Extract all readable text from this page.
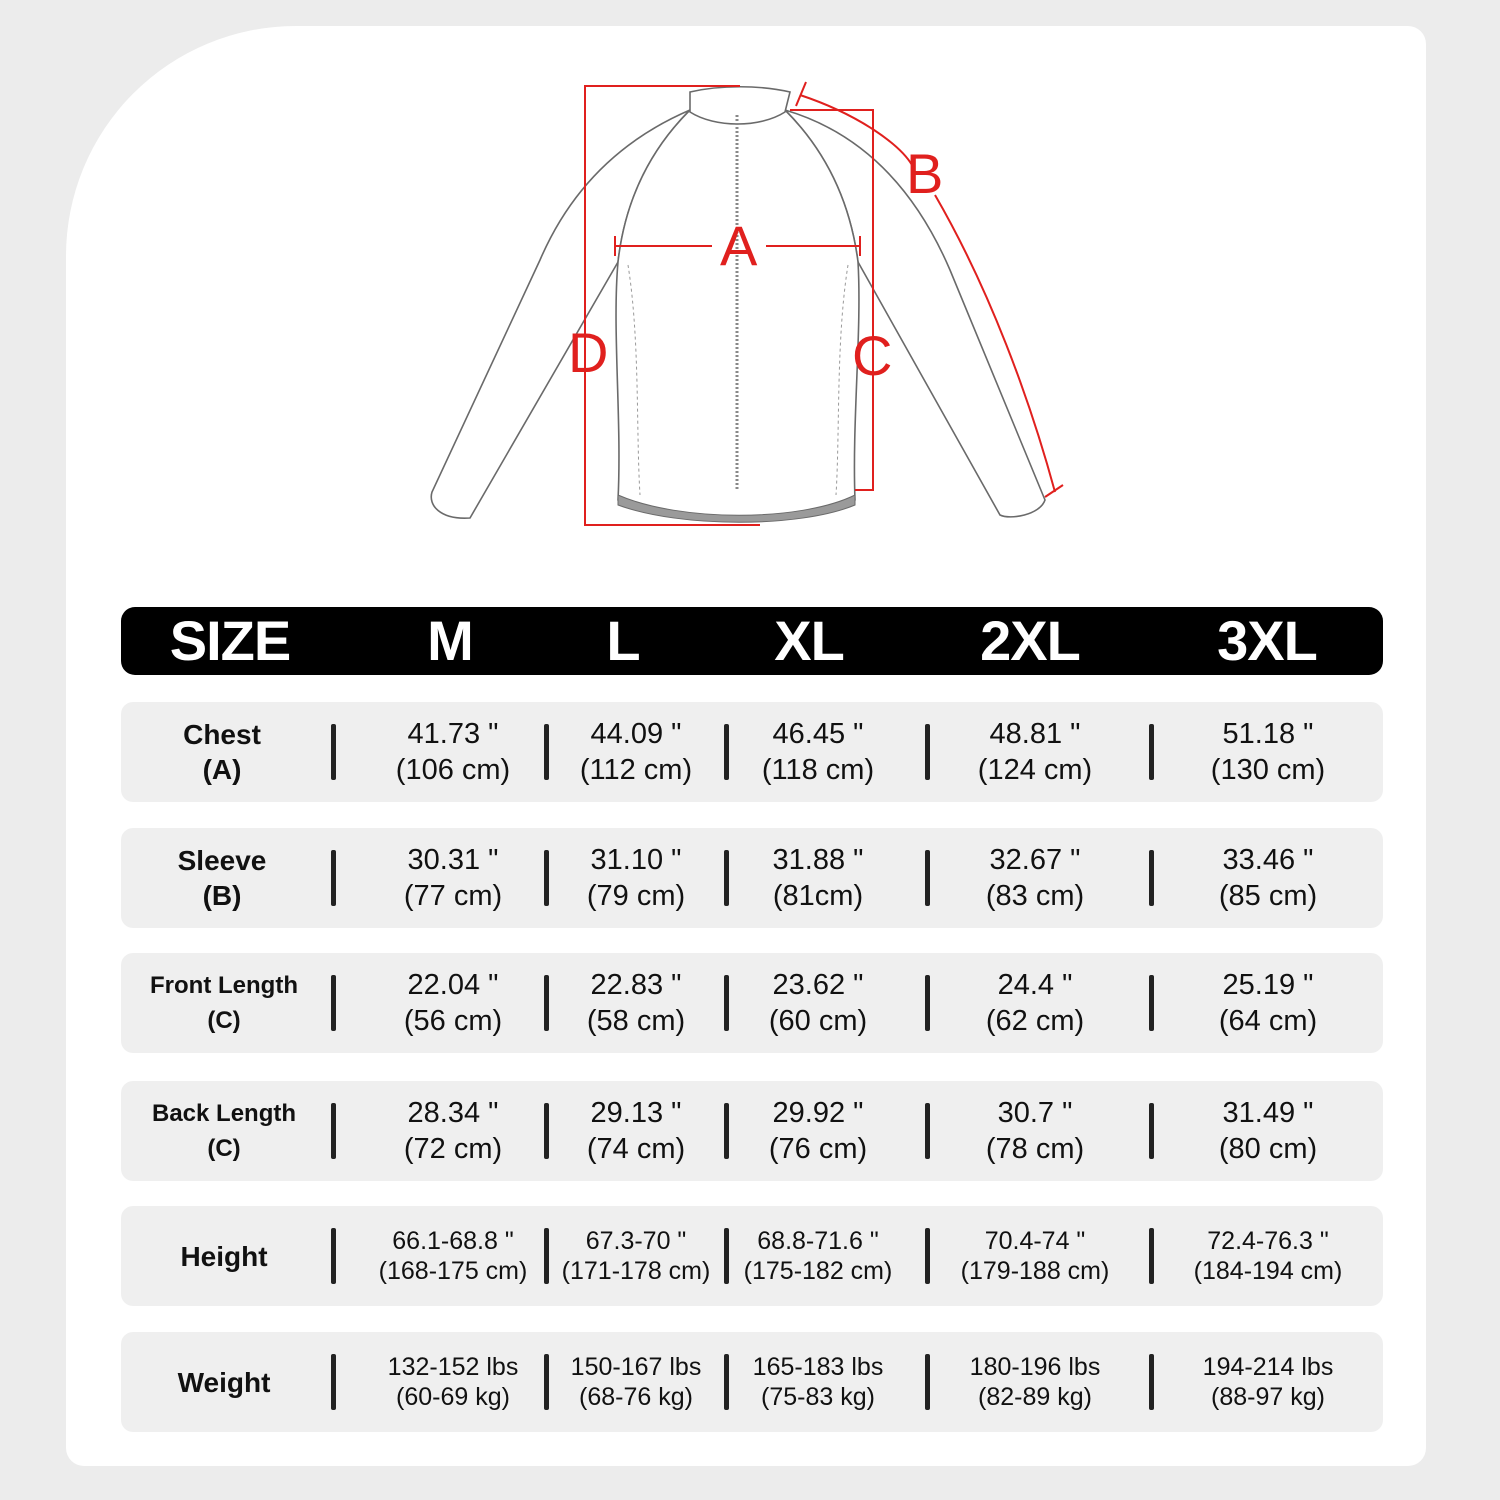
A
B
C
D
SIZE M L XL 2XL 3XL
Chest
(A)
41.73 "
(106 cm)
44.09 "
(112 cm)
46.45 "
(118 cm)
48.81 "
(124 cm)
51.18 "
(130 cm)
Sleeve
(B)
30.31 "
(77 cm)
31.10 "
(79 cm)
31.88 "
(81cm)
32.67 "
(83 cm)
33.46 "
(85 cm)
Front Length
(C)
22.04 "
(56 cm)
22.83 "
(58 cm)
23.62 "
(60 cm)
24.4 "
(62 cm)
25.19 "
(64 cm)
Back Length
(C)
28.34 "
(72 cm)
29.13 "
(74 cm)
29.92 "
(76 cm)
30.7 "
(78 cm)
31.49 "
(80 cm)
Height	66.1-68.8 "
(168-175 cm)
67.3-70 "
(171-178 cm)
68.8-71.6 "
(175-182 cm)
70.4-74 "
(179-188 cm)
72.4-76.3 "
(184-194 cm)
Weight	132-152 lbs
(60-69 kg)
150-167 lbs
(68-76 kg)
165-183 lbs
(75-83 kg)
180-196 lbs
(82-89 kg)
194-214 lbs
(88-97 kg)
